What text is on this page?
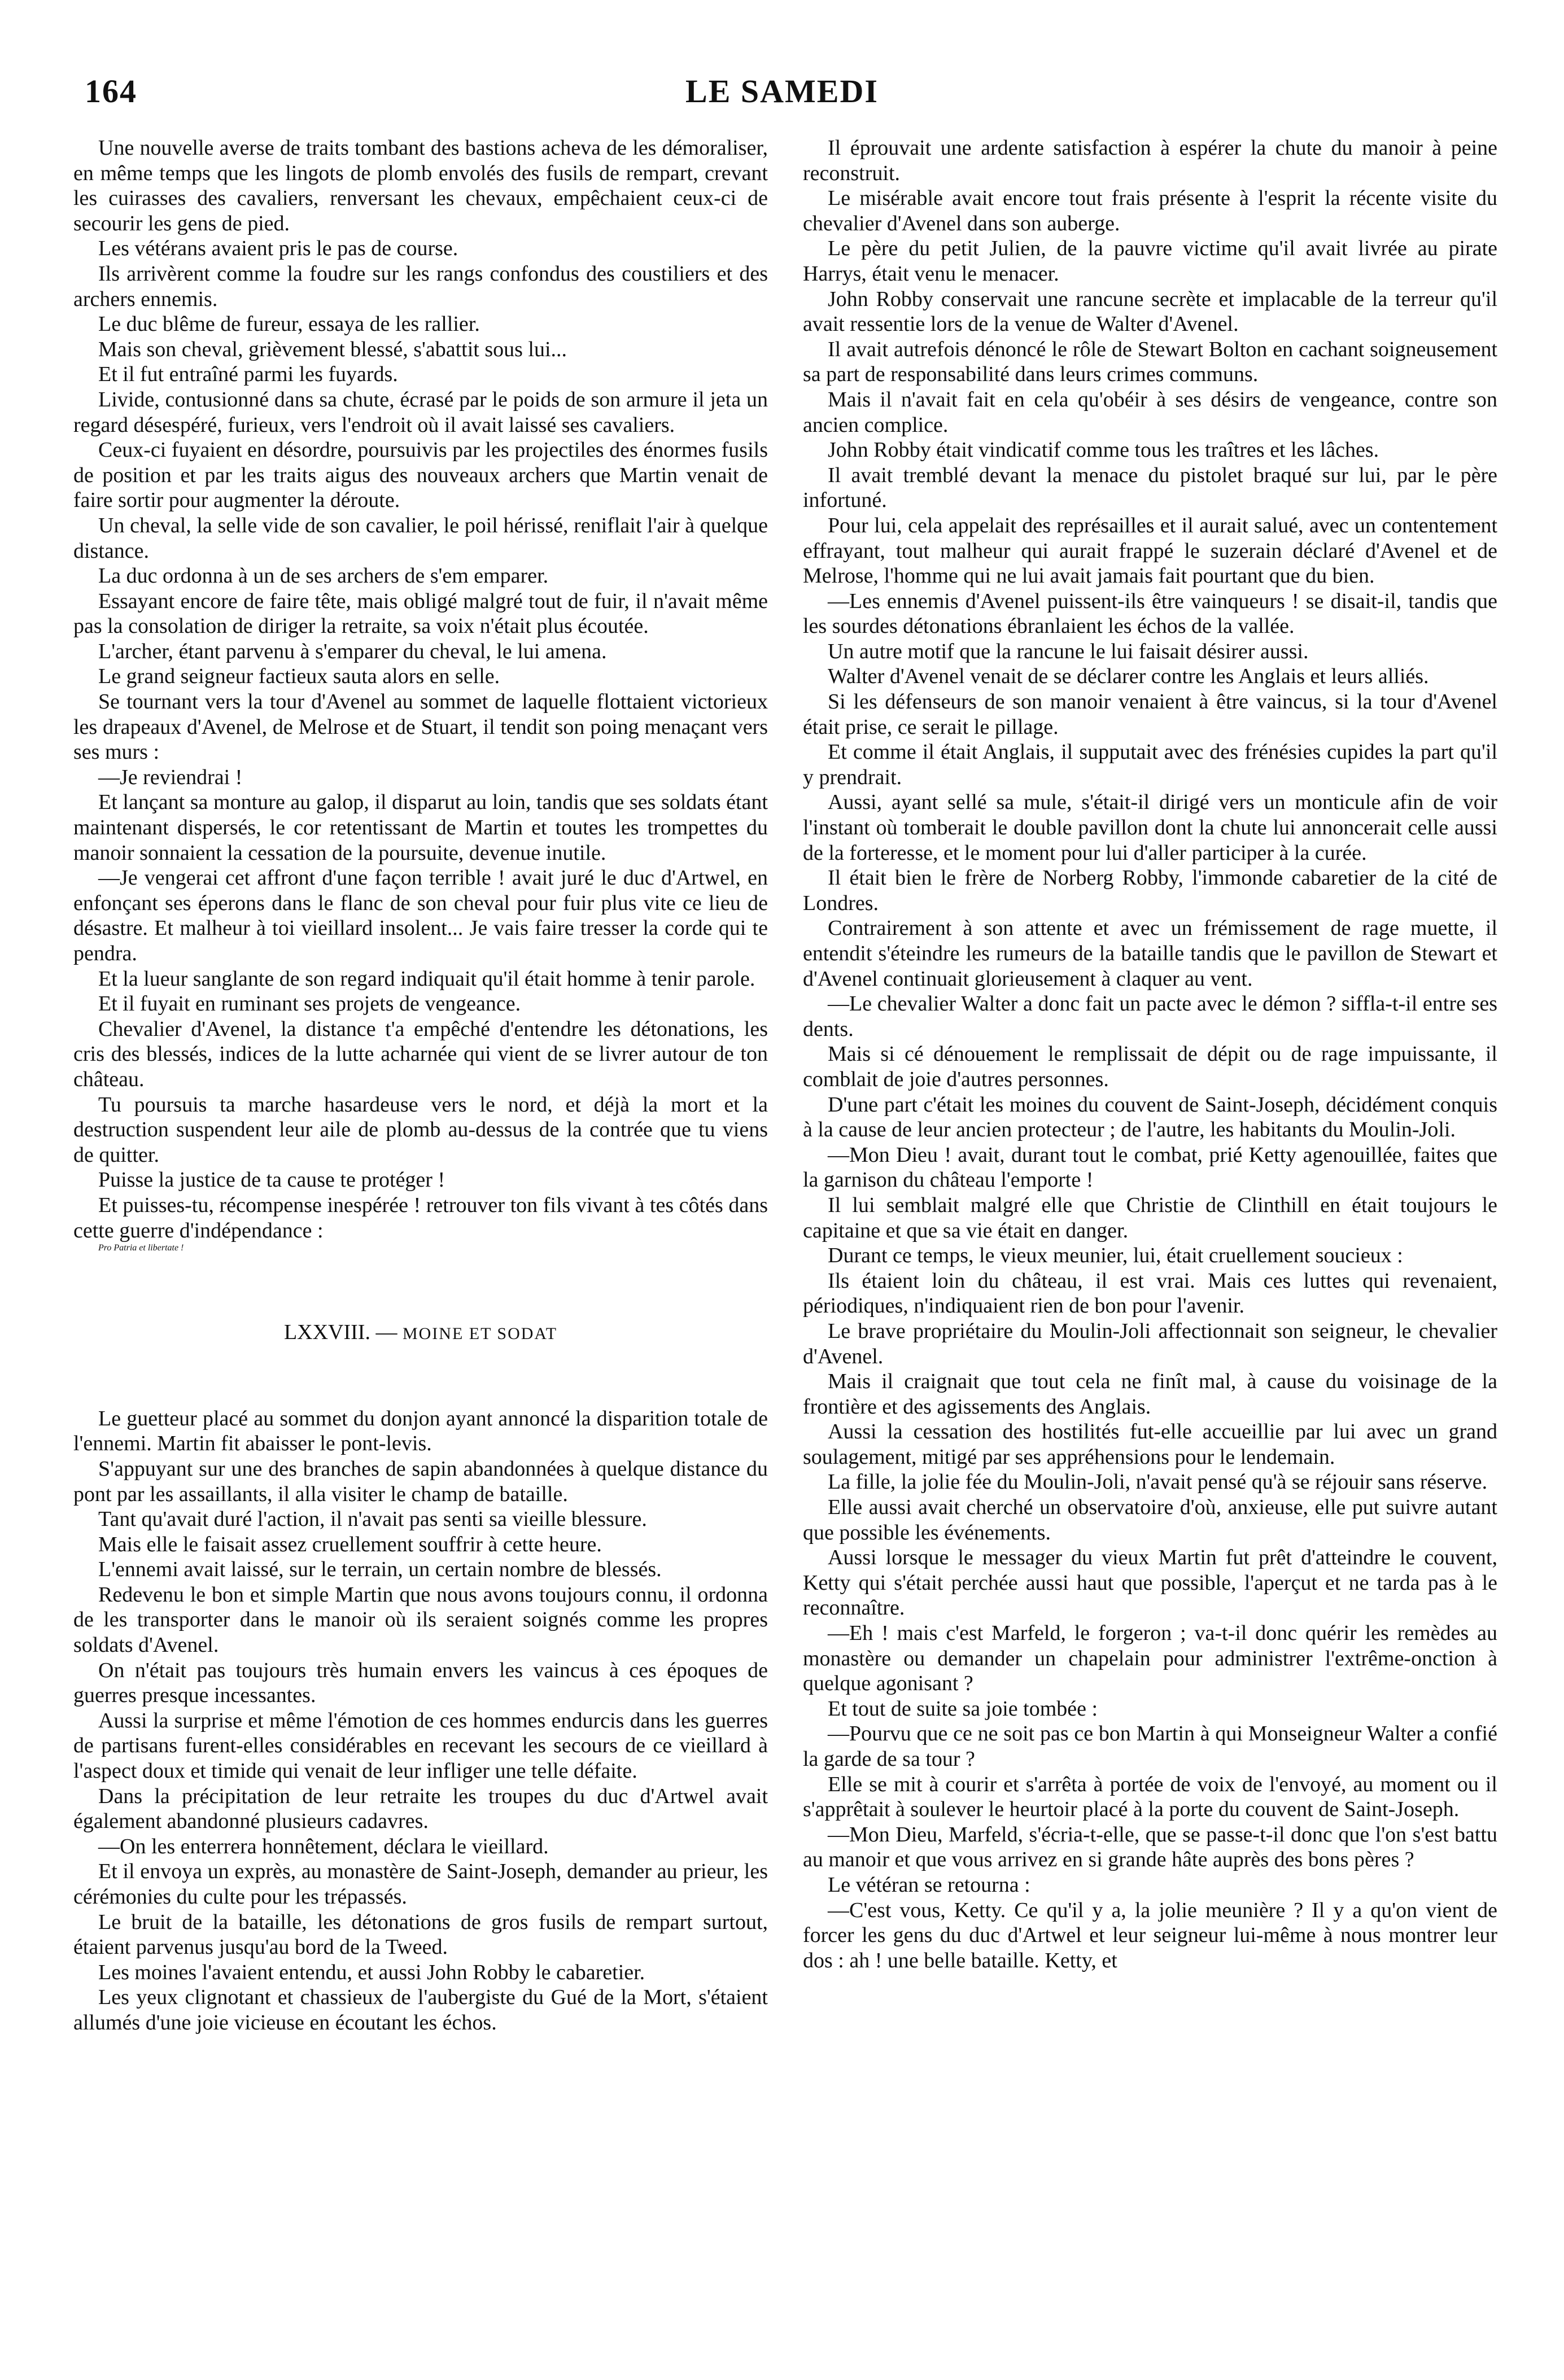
164	LE SAMEDI

Une nouvelle averse de traits tombant des bastions acheva de les démoraliser, en même temps que les lingots de plomb envolés des fusils de rempart, crevant les cuirasses des cavaliers, renversant les chevaux, empêchaient ceux-ci de secourir les gens de pied.

Les vétérans avaient pris le pas de course.

Ils arrivèrent comme la foudre sur les rangs confondus des coustiliers et des archers ennemis.

Le duc blême de fureur, essaya de les rallier.

Mais son cheval, grièvement blessé, s'abattit sous lui...

Et il fut entraîné parmi les fuyards.

Livide, contusionné dans sa chute, écrasé par le poids de son armure il jeta un regard désespéré, furieux, vers l'endroit où il avait laissé ses cavaliers.

Ceux-ci fuyaient en désordre, poursuivis par les projectiles des énormes fusils de position et par les traits aigus des nouveaux archers que Martin venait de faire sortir pour augmenter la déroute.

Un cheval, la selle vide de son cavalier, le poil hérissé, reniflait l'air à quelque distance.

La duc ordonna à un de ses archers de s'em emparer.

Essayant encore de faire tête, mais obligé malgré tout de fuir, il n'avait même pas la consolation de diriger la retraite, sa voix n'était plus écoutée.

L'archer, étant parvenu à s'emparer du cheval, le lui amena.

Le grand seigneur factieux sauta alors en selle.

Se tournant vers la tour d'Avenel au sommet de laquelle flottaient victorieux les drapeaux d'Avenel, de Melrose et de Stuart, il tendit son poing menaçant vers ses murs :

—Je reviendrai !

Et lançant sa monture au galop, il disparut au loin, tandis que ses soldats étant maintenant dispersés, le cor retentissant de Martin et toutes les trompettes du manoir sonnaient la cessation de la poursuite, devenue inutile.

—Je vengerai cet affront d'une façon terrible ! avait juré le duc d'Artwel, en enfonçant ses éperons dans le flanc de son cheval pour fuir plus vite ce lieu de désastre. Et malheur à toi vieillard insolent... Je vais faire tresser la corde qui te pendra.

Et la lueur sanglante de son regard indiquait qu'il était homme à tenir parole.

Et il fuyait en ruminant ses projets de vengeance.

Chevalier d'Avenel, la distance t'a empêché d'entendre les détonations, les cris des blessés, indices de la lutte acharnée qui vient de se livrer autour de ton château.

Tu poursuis ta marche hasardeuse vers le nord, et déjà la mort et la destruction suspendent leur aile de plomb au-dessus de la contrée que tu viens de quitter.

Puisse la justice de ta cause te protéger !

Et puisses-tu, récompense inespérée ! retrouver ton fils vivant à tes côtés dans cette guerre d'indépendance :

Pro Patria et libertate !

LXXVIII. — MOINE ET SODAT

Le guetteur placé au sommet du donjon ayant annoncé la disparition totale de l'ennemi. Martin fit abaisser le pont-levis.

S'appuyant sur une des branches de sapin abandonnées à quelque distance du pont par les assaillants, il alla visiter le champ de bataille.

Tant qu'avait duré l'action, il n'avait pas senti sa vieille blessure.

Mais elle le faisait assez cruellement souffrir à cette heure.

L'ennemi avait laissé, sur le terrain, un certain nombre de blessés.

Redevenu le bon et simple Martin que nous avons toujours connu, il ordonna de les transporter dans le manoir où ils seraient soignés comme les propres soldats d'Avenel.

On n'était pas toujours très humain envers les vaincus à ces époques de guerres presque incessantes.

Aussi la surprise et même l'émotion de ces hommes endurcis dans les guerres de partisans furent-elles considérables en recevant les secours de ce vieillard à l'aspect doux et timide qui venait de leur infliger une telle défaite.

Dans la précipitation de leur retraite les troupes du duc d'Artwel avait également abandonné plusieurs cadavres.

—On les enterrera honnêtement, déclara le vieillard.

Et il envoya un exprès, au monastère de Saint-Joseph, demander au prieur, les cérémonies du culte pour les trépassés.

Le bruit de la bataille, les détonations de gros fusils de rempart surtout, étaient parvenus jusqu'au bord de la Tweed.

Les moines l'avaient entendu, et aussi John Robby le cabaretier.

Les yeux clignotant et chassieux de l'aubergiste du Gué de la Mort, s'étaient allumés d'une joie vicieuse en écoutant les échos.

Il éprouvait une ardente satisfaction à espérer la chute du manoir à peine reconstruit.

Le misérable avait encore tout frais présente à l'esprit la récente visite du chevalier d'Avenel dans son auberge.

Le père du petit Julien, de la pauvre victime qu'il avait livrée au pirate Harrys, était venu le menacer.

John Robby conservait une rancune secrète et implacable de la terreur qu'il avait ressentie lors de la venue de Walter d'Avenel.

Il avait autrefois dénoncé le rôle de Stewart Bolton en cachant soigneusement sa part de responsabilité dans leurs crimes communs.

Mais il n'avait fait en cela qu'obéir à ses désirs de vengeance, contre son ancien complice.

John Robby était vindicatif comme tous les traîtres et les lâches.

Il avait tremblé devant la menace du pistolet braqué sur lui, par le père infortuné.

Pour lui, cela appelait des représailles et il aurait salué, avec un contentement effrayant, tout malheur qui aurait frappé le suzerain déclaré d'Avenel et de Melrose, l'homme qui ne lui avait jamais fait pourtant que du bien.

—Les ennemis d'Avenel puissent-ils être vainqueurs ! se disait-il, tandis que les sourdes détonations ébranlaient les échos de la vallée.

Un autre motif que la rancune le lui faisait désirer aussi.

Walter d'Avenel venait de se déclarer contre les Anglais et leurs alliés.

Si les défenseurs de son manoir venaient à être vaincus, si la tour d'Avenel était prise, ce serait le pillage.

Et comme il était Anglais, il supputait avec des frénésies cupides la part qu'il y prendrait.

Aussi, ayant sellé sa mule, s'était-il dirigé vers un monticule afin de voir l'instant où tomberait le double pavillon dont la chute lui annoncerait celle aussi de la forteresse, et le moment pour lui d'aller participer à la curée.

Il était bien le frère de Norberg Robby, l'immonde cabaretier de la cité de Londres.

Contrairement à son attente et avec un frémissement de rage muette, il entendit s'éteindre les rumeurs de la bataille tandis que le pavillon de Stewart et d'Avenel continuait glorieusement à claquer au vent.

—Le chevalier Walter a donc fait un pacte avec le démon ? siffla-t-il entre ses dents.

Mais si cé dénouement le remplissait de dépit ou de rage impuissante, il comblait de joie d'autres personnes.

D'une part c'était les moines du couvent de Saint-Joseph, décidément conquis à la cause de leur ancien protecteur ; de l'autre, les habitants du Moulin-Joli.

—Mon Dieu ! avait, durant tout le combat, prié Ketty agenouillée, faites que la garnison du château l'emporte !

Il lui semblait malgré elle que Christie de Clinthill en était toujours le capitaine et que sa vie était en danger.

Durant ce temps, le vieux meunier, lui, était cruellement soucieux :

Ils étaient loin du château, il est vrai. Mais ces luttes qui revenaient, périodiques, n'indiquaient rien de bon pour l'avenir.

Le brave propriétaire du Moulin-Joli affectionnait son seigneur, le chevalier d'Avenel.

Mais il craignait que tout cela ne finît mal, à cause du voisinage de la frontière et des agissements des Anglais.

Aussi la cessation des hostilités fut-elle accueillie par lui avec un grand soulagement, mitigé par ses appréhensions pour le lendemain.

La fille, la jolie fée du Moulin-Joli, n'avait pensé qu'à se réjouir sans réserve.

Elle aussi avait cherché un observatoire d'où, anxieuse, elle put suivre autant que possible les événements.

Aussi lorsque le messager du vieux Martin fut prêt d'atteindre le couvent, Ketty qui s'était perchée aussi haut que possible, l'aperçut et ne tarda pas à le reconnaître.

—Eh ! mais c'est Marfeld, le forgeron ; va-t-il donc quérir les remèdes au monastère ou demander un chapelain pour administrer l'extrême-onction à quelque agonisant ?

Et tout de suite sa joie tombée :

—Pourvu que ce ne soit pas ce bon Martin à qui Monseigneur Walter a confié la garde de sa tour ?

Elle se mit à courir et s'arrêta à portée de voix de l'envoyé, au moment ou il s'apprêtait à soulever le heurtoir placé à la porte du couvent de Saint-Joseph.

—Mon Dieu, Marfeld, s'écria-t-elle, que se passe-t-il donc que l'on s'est battu au manoir et que vous arrivez en si grande hâte auprès des bons pères ?

Le vétéran se retourna :

—C'est vous, Ketty. Ce qu'il y a, la jolie meunière ? Il y a qu'on vient de forcer les gens du duc d'Artwel et leur seigneur lui-même à nous montrer leur dos : ah ! une belle bataille. Ketty, et
